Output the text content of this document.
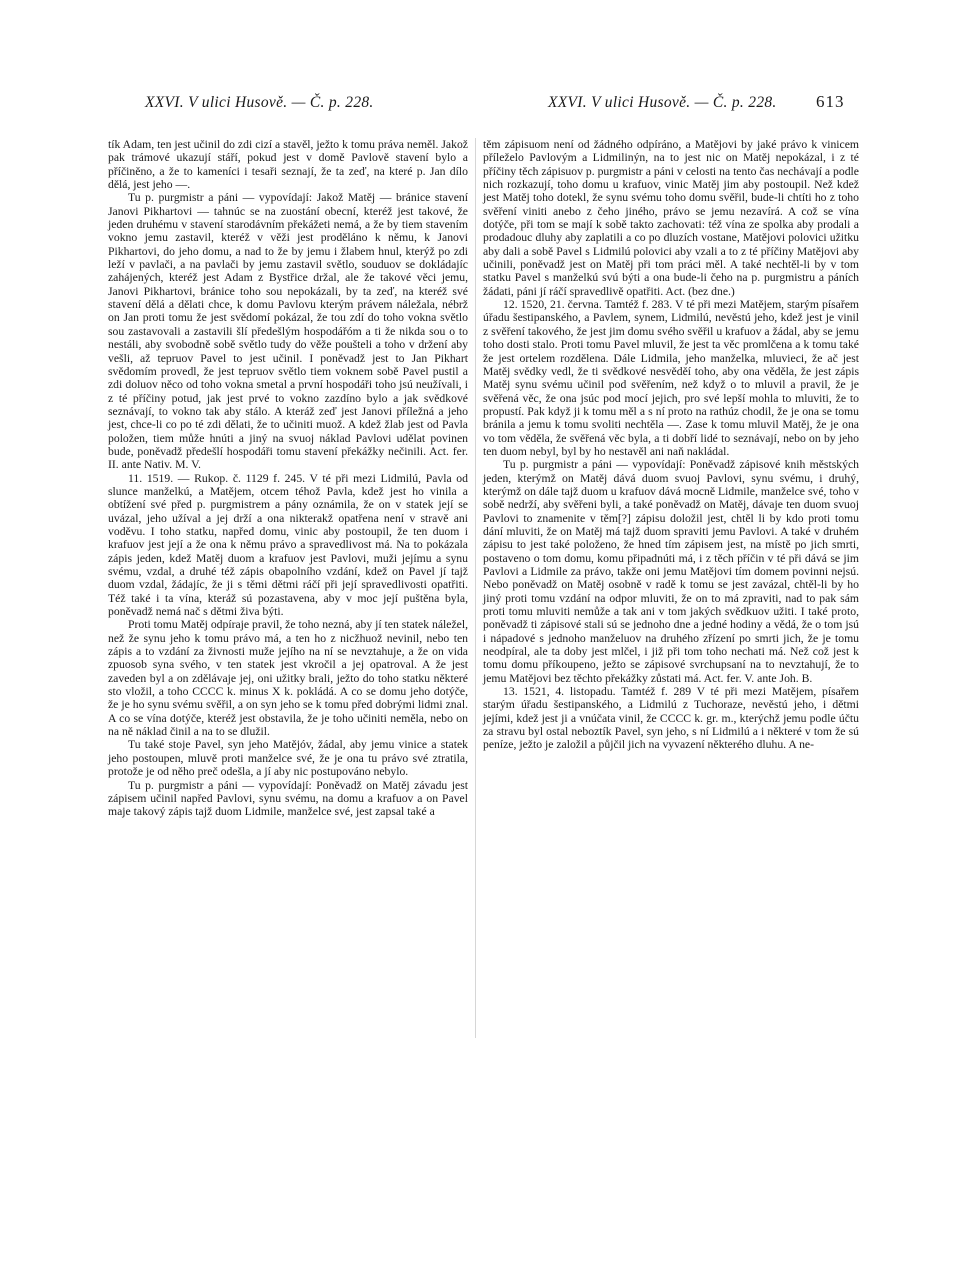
XXVI. V ulici Husově. — Č. p. 228.	XXVI. V ulici Husově. — Č. p. 228. 613

tík Adam, ten jest učinil do zdi cizí a stavěl, ježto k tomu práva neměl. Jakož pak trámové ukazují stáří, pokud jest v domě Pavlově stavení bylo a příčiněno, a že to kameníci i tesaři seznají, že ta zeď, na které p. Jan dílo dělá, jest jeho —.

Tu p. purgmistr a páni — vypovídají: Jakož Matěj — bránice stavení Janovi Pikhartovi — tahnúc se na zuostání obecní, kteréž jest takové, že jeden druhému v stavení starodávním překážeti nemá, a že by tiem stavením vokno jemu zastavil, kteréž v věži jest proděláno k němu, k Janovi Pikhartovi, do jeho domu, a nad to že by jemu i žlabem hnul, kterýž po zdi leží v pavlači, a na pavlači by jemu zastavil světlo, souduov se dokládajíc zahájených, kteréž jest Adam z Bystřice držal, ale že takové věci jemu, Janovi Pikhartovi, bránice toho sou nepokázali, by ta zeď, na kteréž své stavení dělá a dělati chce, k domu Pavlovu kterým právem náležala, nébrž on Jan proti tomu že jest svědomí pokázal, že tou zdí do toho vokna světlo sou zastavovali a zastavili šlí předešlým hospodářóm a ti že nikda sou o to nestáli, aby svobodně sobě světlo tudy do věže poušteli a toho v držení aby vešli, až tepruov Pavel to jest učinil. I poněvadž jest to Jan Pikhart svědomím provedl, že jest tepruov světlo tiem voknem sobě Pavel pustil a zdi doluov něco od toho vokna smetal a první hospodáři toho jsú neužívali, i z té příčiny potud, jak jest prvé to vokno zazdíno bylo a jak svědkové seznávají, to vokno tak aby stálo. A kteráž zeď jest Janovi příležná a jeho jest, chce-li co po té zdi dělati, že to učiniti muož. A kdež žlab jest od Pavla položen, tiem může hnúti a jiný na svuoj náklad Pavlovi udělat povinen bude, poněvadž předešlí hospodáři tomu stavení překážky nečinili. Act. fer. II. ante Nativ. M. V.

11. 1519. — Rukop. č. 1129 f. 245. V té při mezi Lidmilú, Pavla od slunce manželkú, a Matějem, otcem téhož Pavla, kdež jest ho vinila a obtížení své před p. purgmistrem a pány oznámila, že on v statek její se uvázal, jeho užíval a jej drží a ona nikterakž opatřena není v stravě ani voděvu. I toho statku, napřed domu, vinic aby postoupil, že ten duom i krafuov jest její a že ona k němu právo a spravedlivost má. Na to pokázala zápis jeden, kdež Matěj duom a krafuov jest Pavlovi, muži jejímu a synu svému, vzdal, a druhé též zápis obapolního vzdání, kdež on Pavel jí tajž duom vzdal, žádajíc, že ji s těmi dětmi ráčí při její spravedlivosti opatřiti. Též také i ta vína, kteráž sú pozastavena, aby v moc její puštěna byla, poněvadž nemá nač s dětmi živa býti.

Proti tomu Matěj odpíraje pravil, že toho nezná, aby jí ten statek náležel, než že synu jeho k tomu právo má, a ten ho z nicžhuož nevinil, nebo ten zápis a to vzdání za živnosti muže jejího na ní se nevztahuje, a že on vida zpuosob syna svého, v ten statek jest vkročil a jej opatroval. A že jest zaveden byl a on zdělávaje jej, oni užitky brali, ježto do toho statku některé sto vložil, a toho CCCC k. minus X k. pokládá. A co se domu jeho dotýče, že je ho synu svému svěřil, a on syn jeho se k tomu před dobrými lidmi znal. A co se vína dotýče, kteréž jest obstavila, že je toho učiniti neměla, nebo on na ně náklad činil a na to se dlužil.

Tu také stoje Pavel, syn jeho Matějóv, žádal, aby jemu vinice a statek jeho postoupen, mluvě proti manželce své, že je ona tu právo své ztratila, protože je od něho preč odešla, a jí aby nic postupováno nebylo.

Tu p. purgmistr a páni — vypovídají: Poněvadž on Matěj závadu jest zápisem učinil napřed Pavlovi, synu svému, na domu a krafuov a on Pavel maje takový zápis tajž duom Lidmile, manželce své, jest zapsal také a

těm zápisuom není od žádného odpíráno, a Matějovi by jaké právo k vinicem příleželo Pavlovým a Lidmilinýn, na to jest nic on Matěj nepokázal, i z té příčiny těch zápisuov p. purgmistr a páni v celosti na tento čas nechávají a podle nich rozkazují, toho domu u krafuov, vinic Matěj jim aby postoupil. Než kdež jest Matěj toho dotekl, že synu svému toho domu svěřil, bude-li chtíti ho z toho svěření viniti anebo z čeho jiného, právo se jemu nezavírá. A což se vína dotýče, při tom se mají k sobě takto zachovati: též vína ze spolka aby prodali a prodadouc dluhy aby zaplatili a co po dluzích vostane, Matějovi polovici užitku aby dali a sobě Pavel s Lidmilú polovici aby vzali a to z té příčiny Matějovi aby učinili, poněvadž jest on Matěj při tom práci měl. A také nechtěl-li by v tom statku Pavel s manželkú svú býti a ona bude-li čeho na p. purgmistru a páních žádati, páni jí ráčí spravedlivě opatřiti. Act. (bez dne.)

12. 1520, 21. června. Tamtéž f. 283. V té při mezi Matějem, starým písařem úřadu šestipanského, a Pavlem, synem, Lidmilú, nevěstú jeho, kdež jest je vinil z svěření takového, že jest jim domu svého svěřil u krafuov a žádal, aby se jemu toho dosti stalo. Proti tomu Pavel mluvil, že jest ta věc promlčena a k tomu také že jest ortelem rozdělena. Dále Lidmila, jeho manželka, mluvieci, že ač jest Matěj svědky vedl, že ti svědkové nesvěděí toho, aby ona věděla, že jest zápis Matěj synu svému učinil pod svěřením, než když o to mluvil a pravil, že je svěřená věc, že ona jsúc pod mocí jejich, pro své lepší mohla to mluviti, že to propustí. Pak když ji k tomu měl a s ní proto na rathúz chodil, že je ona se tomu bránila a jemu k tomu svoliti nechtěla —. Zase k tomu mluvil Matěj, že je ona vo tom věděla, že svěřená věc byla, a ti dobří lidé to seznávají, nebo on by jeho ten duom nebyl, byl by ho nestavěl ani naň nakládal.

Tu p. purgmistr a páni — vypovídají: Poněvadž zápisové knih městských jeden, kterýmž on Matěj dává duom svuoj Pavlovi, synu svému, i druhý, kterýmž on dále tajž duom u krafuov dává mocně Lidmile, manželce své, toho v sobě nedrží, aby svěřeni byli, a také poněvadž on Matěj, dávaje ten duom svuoj Pavlovi to znamenite v těm[?] zápisu doložil jest, chtěl li by kdo proti tomu dání mluviti, že on Matěj má tajž duom spraviti jemu Pavlovi. A také v druhém zápisu to jest také položeno, že hned tím zápisem jest, na místě po jich smrti, postaveno o tom domu, komu připadnúti má, i z těch příčin v té při dává se jim Pavlovi a Lidmile za právo, takže oni jemu Matějovi tím domem povinni nejsú. Nebo poněvadž on Matěj osobně v radě k tomu se jest zavázal, chtěl-li by ho jiný proti tomu vzdání na odpor mluviti, že on to má zpraviti, nad to pak sám proti tomu mluviti nemůže a tak ani v tom jakých svědkuov užiti. I také proto, poněvadž ti zápisové stali sú se jednoho dne a jedné hodiny a vědá, že o tom jsú i nápadové s jednoho manželuov na druhého zřízení po smrti jich, že je tomu neodpíral, ale ta doby jest mlčel, i již při tom toho nechati má. Než což jest k tomu domu příkoupeno, ježto se zápisové svrchupsaní na to nevztahují, že to jemu Matějovi bez těchto překážky zůstati má. Act. fer. V. ante Joh. B.

13. 1521, 4. listopadu. Tamtéž f. 289 V té při mezi Matějem, písařem starým úřadu šestipanského, a Lidmilú z Tuchoraze, nevěstú jeho, i dětmi jejími, kdež jest ji a vnúčata vinil, že CCCC k. gr. m., kterýchž jemu podle účtu za stravu byl ostal neboztík Pavel, syn jeho, s ní Lidmilú a i některé v tom že sú peníze, ježto je založil a půjčil jich na vyvazení některého dluhu. A ne-
